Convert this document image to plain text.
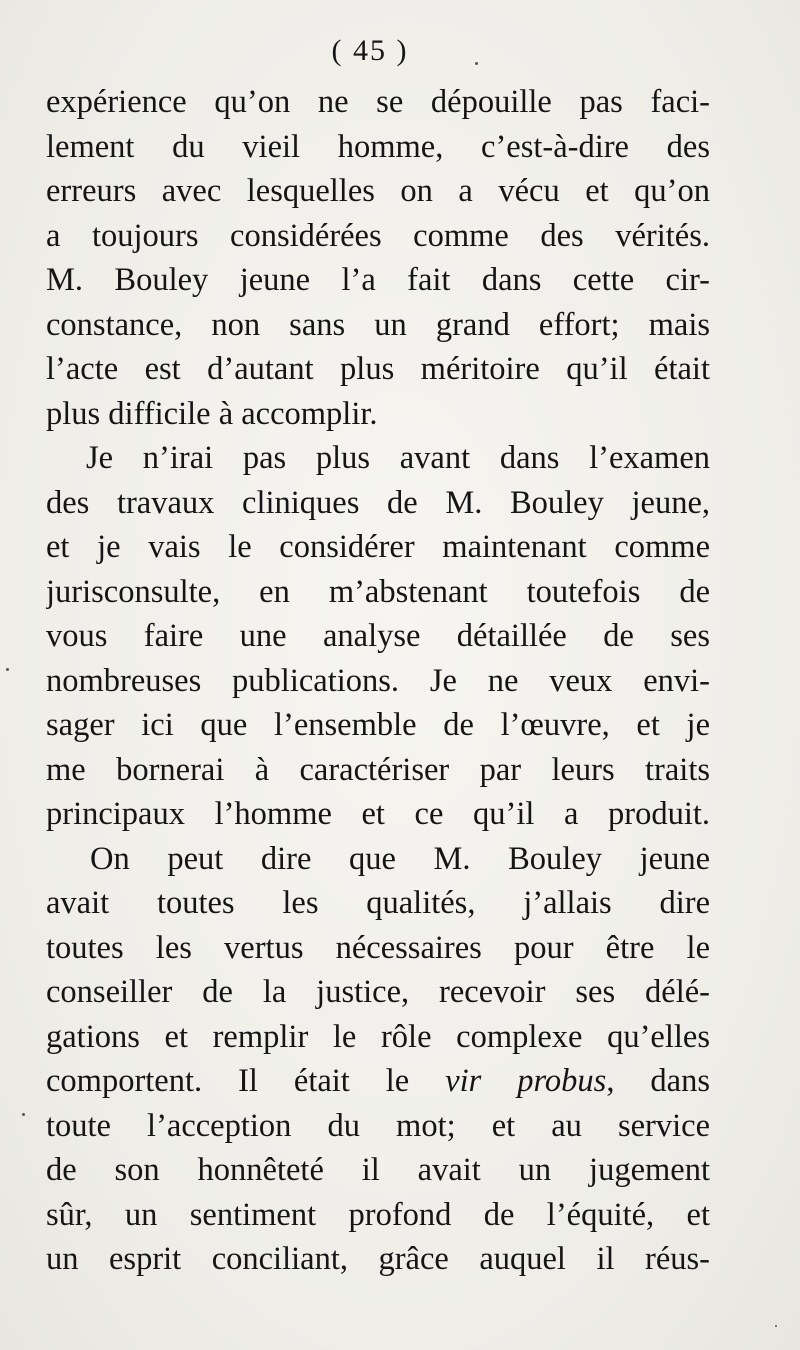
( 45 )
expérience qu’on ne se dépouille pas faci-
lement du vieil homme, c’est-à-dire des
erreurs avec lesquelles on a vécu et qu’on
a toujours considérées comme des vérités.
M. Bouley jeune l’a fait dans cette cir-
constance, non sans un grand effort; mais
l’acte est d’autant plus méritoire qu’il était
plus difficile à accomplir.
Je n’irai pas plus avant dans l’examen
des travaux cliniques de M. Bouley jeune,
et je vais le considérer maintenant comme
jurisconsulte, en m’abstenant toutefois de
vous faire une analyse détaillée de ses
nombreuses publications. Je ne veux envi-
sager ici que l’ensemble de l’œuvre, et je
me bornerai à caractériser par leurs traits
principaux l’homme et ce qu’il a produit.
On peut dire que M. Bouley jeune
avait toutes les qualités, j’allais dire
toutes les vertus nécessaires pour être le
conseiller de la justice, recevoir ses délé-
gations et remplir le rôle complexe qu’elles
comportent. Il était le vir probus, dans
toute l’acception du mot; et au service
de son honnêteté il avait un jugement
sûr, un sentiment profond de l’équité, et
un esprit conciliant, grâce auquel il réus-
